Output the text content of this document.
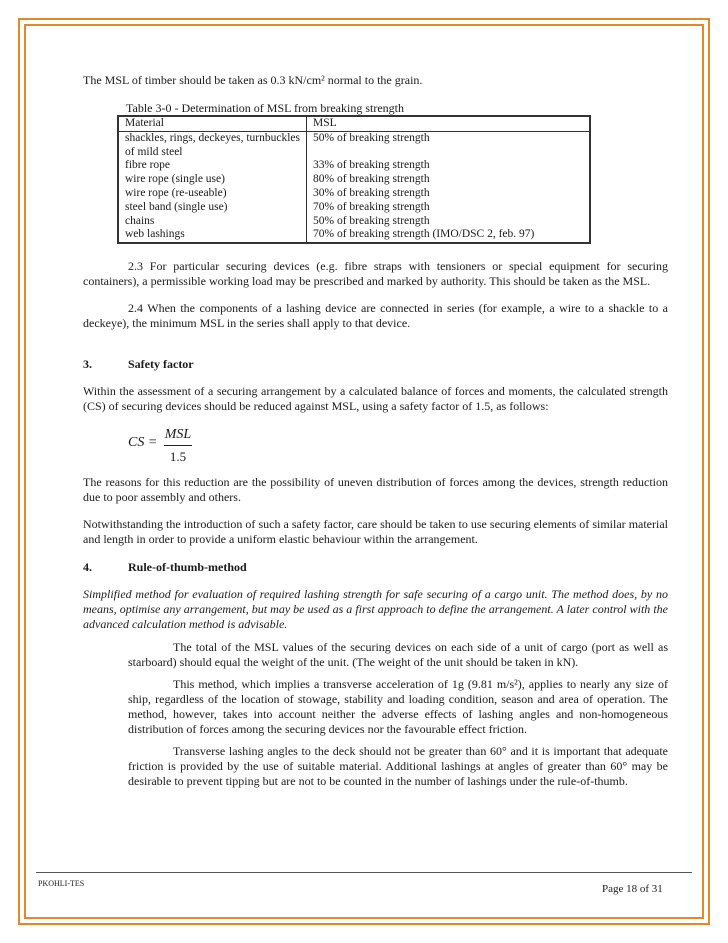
The MSL of timber should be taken as 0.3 kN/cm² normal to the grain.

Table 3-0 - Determination of MSL from breaking strength

Material	MSL
shackles, rings, deckeyes, turnbuckles of mild steel	50% of breaking strength
fibre rope	33% of breaking strength
wire rope (single use)	80% of breaking strength
wire rope (re-useable)	30% of breaking strength
steel band (single use)	70% of breaking strength
chains	50% of breaking strength
web lashings	70% of breaking strength (IMO/DSC 2, feb. 97)

2.3 For particular securing devices (e.g. fibre straps with tensioners or special equipment for securing containers), a permissible working load may be prescribed and marked by authority. This should be taken as the MSL.

2.4 When the components of a lashing device are connected in series (for example, a wire to a shackle to a deckeye), the minimum MSL in the series shall apply to that device.

3.	Safety factor

Within the assessment of a securing arrangement by a calculated balance of forces and moments, the calculated strength (CS) of securing devices should be reduced against MSL, using a safety factor of 1.5, as follows:

CS =
MSL
1.5

The reasons for this reduction are the possibility of uneven distribution of forces among the devices, strength reduction due to poor assembly and others.

Notwithstanding the introduction of such a safety factor, care should be taken to use securing elements of similar material and length in order to provide a uniform elastic behaviour within the arrangement.

4.	Rule-of-thumb-method

Simplified method for evaluation of required lashing strength for safe securing of a cargo unit. The method does, by no means, optimise any arrangement, but may be used as a first approach to define the arrangement. A later control with the advanced calculation method is advisable.

The total of the MSL values of the securing devices on each side of a unit of cargo (port as well as starboard) should equal the weight of the unit. (The weight of the unit should be taken in kN).

This method, which implies a transverse acceleration of 1g (9.81 m/s²), applies to nearly any size of ship, regardless of the location of stowage, stability and loading condition, season and area of operation. The method, however, takes into account neither the adverse effects of lashing angles and non-homogeneous distribution of forces among the securing devices nor the favourable effect friction.

Transverse lashing angles to the deck should not be greater than 60° and it is important that adequate friction is provided by the use of suitable material. Additional lashings at angles of greater than 60° may be desirable to prevent tipping but are not to be counted in the number of lashings under the rule-of-thumb.

PKOHLI-TES	Page 18 of 31
